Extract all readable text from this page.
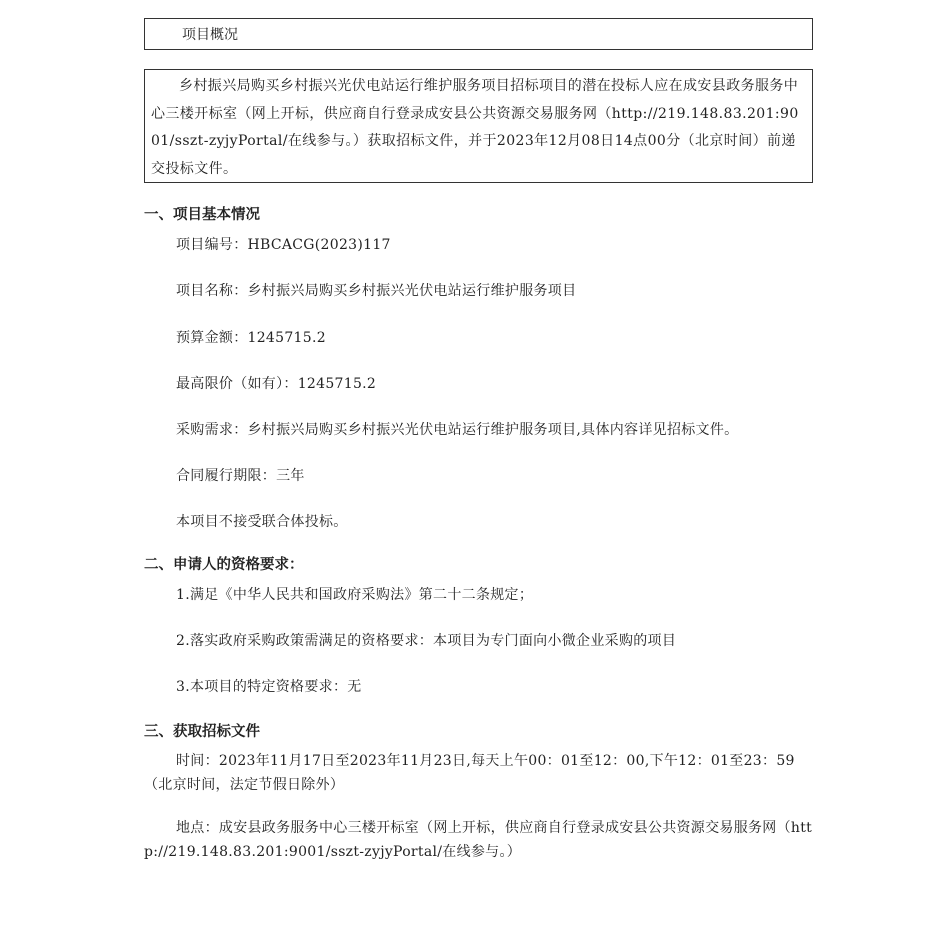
项目概况

乡村振兴局购买乡村振兴光伏电站运行维护服务项目招标项目的潜在投标人应在成安县政务服务中心三楼开标室（网上开标，供应商自行登录成安县公共资源交易服务网（http://219.148.83.201:9001/sszt-zyjyPortal/在线参与。）获取招标文件，并于2023年12月08日14点00分（北京时间）前递交投标文件。

一、项目基本情况
项目编号：HBCACG(2023)117
项目名称：乡村振兴局购买乡村振兴光伏电站运行维护服务项目
预算金额：1245715.2
最高限价（如有）：1245715.2
采购需求：乡村振兴局购买乡村振兴光伏电站运行维护服务项目,具体内容详见招标文件。
合同履行期限：三年
本项目不接受联合体投标。
二、申请人的资格要求：
1.满足《中华人民共和国政府采购法》第二十二条规定；
2.落实政府采购政策需满足的资格要求：本项目为专门面向小微企业采购的项目
3.本项目的特定资格要求：无
三、获取招标文件

时间：2023年11月17日至2023年11月23日,每天上午00：01至12：00,下午12：01至23：59（北京时间，法定节假日除外）

地点：成安县政务服务中心三楼开标室（网上开标，供应商自行登录成安县公共资源交易服务网（http://219.148.83.201:9001/sszt-zyjyPortal/在线参与。）
